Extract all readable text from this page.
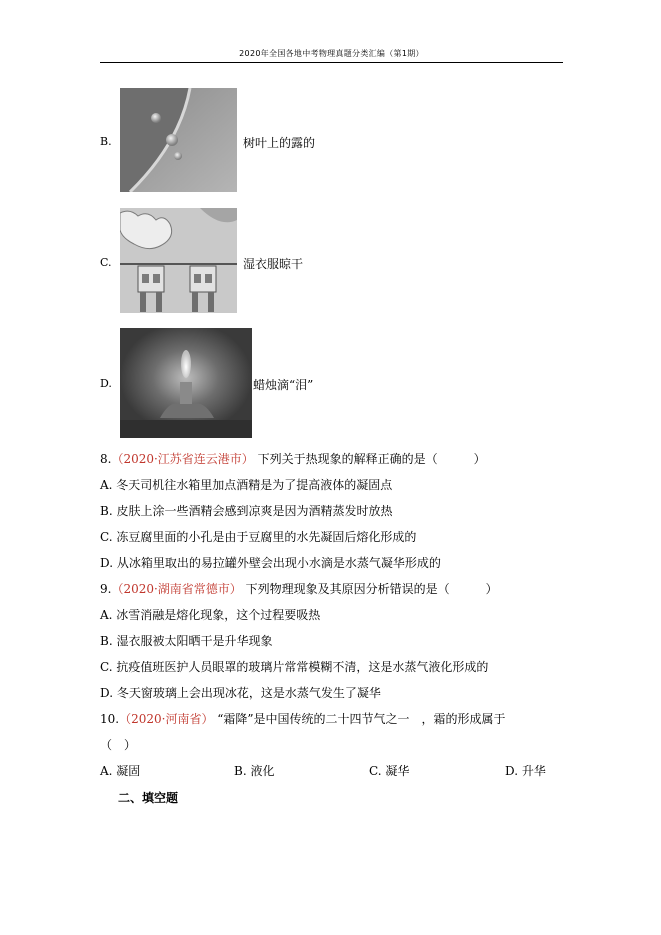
2020年全国各地中考物理真题分类汇编（第1期）
B.	树叶上的露的
C.	湿衣服晾干
D.	蜡烛滴“泪”
8.（2020·江苏省连云港市） 下列关于热现象的解释正确的是（　　　）
A. 冬天司机往水箱里加点酒精是为了提高液体的凝固点
B. 皮肤上涂一些酒精会感到凉爽是因为酒精蒸发时放热
C. 冻豆腐里面的小孔是由于豆腐里的水先凝固后熔化形成的
D. 从冰箱里取出的易拉罐外壁会出现小水滴是水蒸气凝华形成的
9.（2020·湖南省常德市） 下列物理现象及其原因分析错误的是（　　　）
A. 冰雪消融是熔化现象，这个过程要吸热
B. 湿衣服被太阳晒干是升华现象
C. 抗疫值班医护人员眼罩的玻璃片常常模糊不清，这是水蒸气液化形成的
D. 冬天窗玻璃上会出现冰花，这是水蒸气发生了凝华
10.（2020·河南省） “霜降”是中国传统的二十四节气之一　，霜的形成属于
（　）
A. 凝固	B. 液化	C. 凝华	D. 升华
二、填空题
